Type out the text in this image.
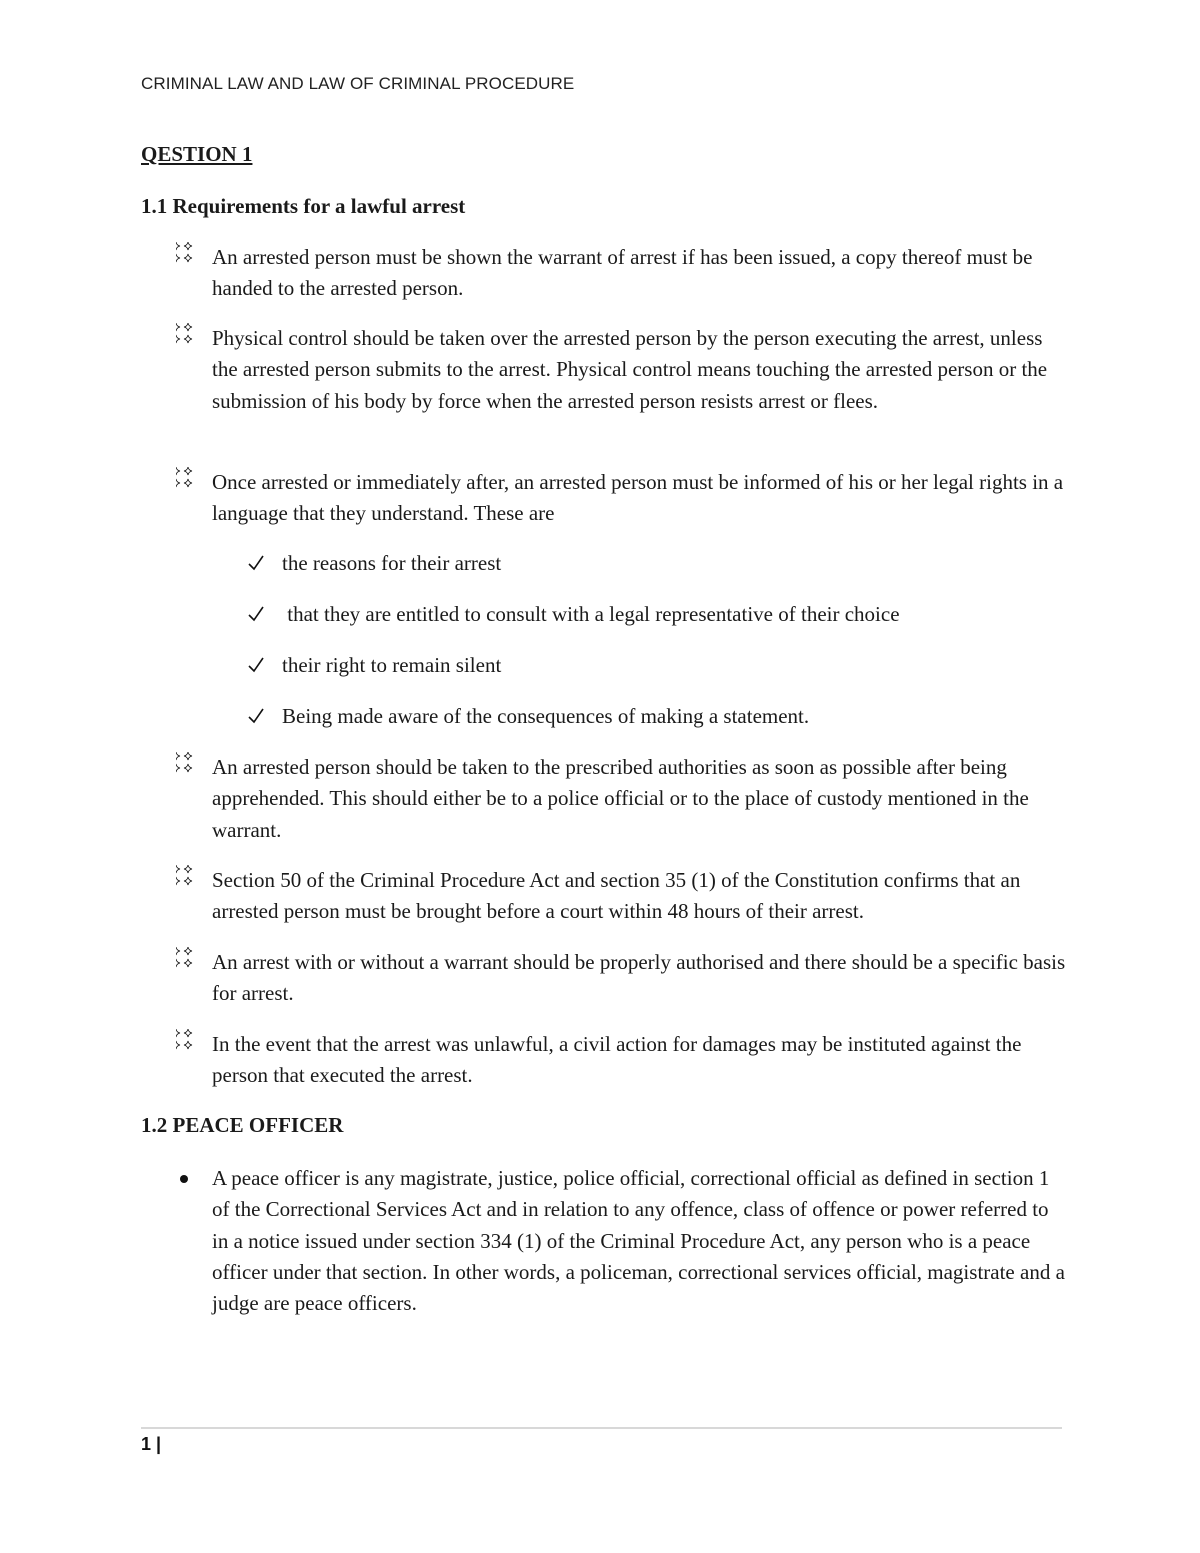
CRIMINAL LAW AND LAW OF CRIMINAL PROCEDURE
QESTION 1
1.1 Requirements for a lawful arrest
An arrested person must be shown the warrant of arrest if has been issued, a copy thereof must be handed to the arrested person.
Physical control should be taken over the arrested person by the person executing the arrest, unless the arrested person submits to the arrest. Physical control means touching the arrested person or the submission of his body by force when the arrested person resists arrest or flees.
Once arrested or immediately after, an arrested person must be informed of his or her legal rights in a language that they understand. These are
the reasons for their arrest
that they are entitled to consult with a legal representative of their choice
their right to remain silent
Being made aware of the consequences of making a statement.
An arrested person should be taken to the prescribed authorities as soon as possible after being apprehended. This should either be to a police official or to the place of custody mentioned in the warrant.
Section 50 of the Criminal Procedure Act and section 35 (1) of the Constitution confirms that an arrested person must be brought before a court within 48 hours of their arrest.
An arrest with or without a warrant should be properly authorised and there should be a specific basis for arrest.
In the event that the arrest was unlawful, a civil action for damages may be instituted against the person that executed the arrest.
1.2 PEACE OFFICER
A peace officer is any magistrate, justice, police official, correctional official as defined in section 1 of the Correctional Services Act and in relation to any offence, class of offence or power referred to in a notice issued under section 334 (1) of the Criminal Procedure Act, any person who is a peace officer under that section. In other words, a policeman, correctional services official, magistrate and a judge are peace officers.
1 |
